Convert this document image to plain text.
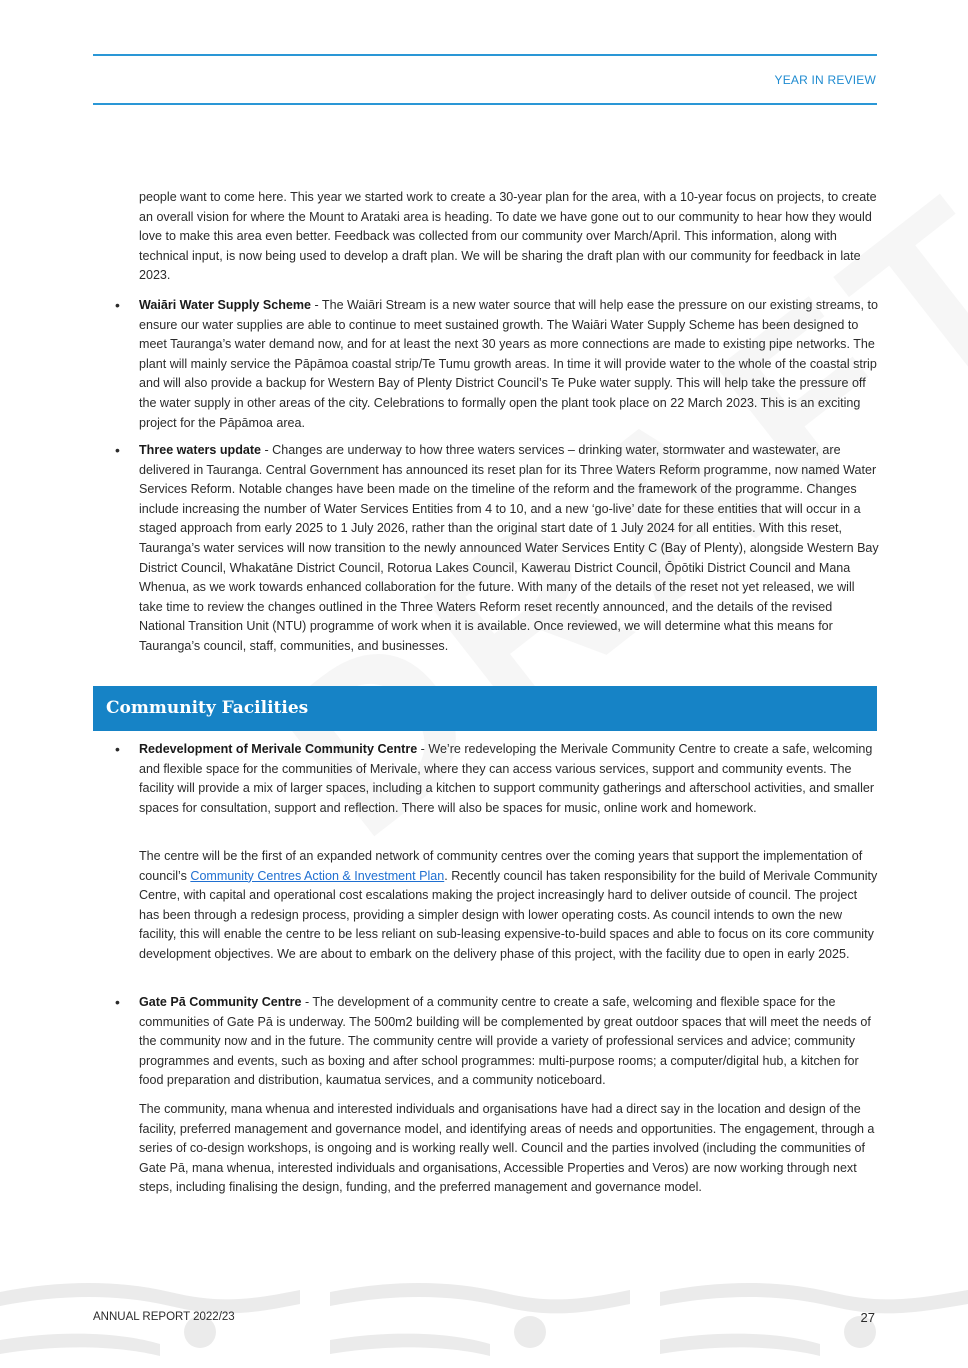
YEAR IN REVIEW

people want to come here. This year we started work to create a 30-year plan for the area, with a 10-year focus on projects, to create an overall vision for where the Mount to Arataki area is heading. To date we have gone out to our community to hear how they would love to make this area even better. Feedback was collected from our community over March/April. This information, along with technical input, is now being used to develop a draft plan. We will be sharing the draft plan with our community for feedback in late 2023.

•

Waiāri Water Supply Scheme - The Waiāri Stream is a new water source that will help ease the pressure on our existing streams, to ensure our water supplies are able to continue to meet sustained growth. The Waiāri Water Supply Scheme has been designed to meet Tauranga’s water demand now, and for at least the next 30 years as more connections are made to existing pipe networks. The plant will mainly service the Pāpāmoa coastal strip/Te Tumu growth areas. In time it will provide water to the whole of the coastal strip and will also provide a backup for Western Bay of Plenty District Council’s Te Puke water supply. This will help take the pressure off the water supply in other areas of the city. Celebrations to formally open the plant took place on 22 March 2023. This is an exciting project for the Pāpāmoa area.

•

Three waters update - Changes are underway to how three waters services – drinking water, stormwater and wastewater, are delivered in Tauranga. Central Government has announced its reset plan for its Three Waters Reform programme, now named Water Services Reform. Notable changes have been made on the timeline of the reform and the framework of the programme. Changes include increasing the number of Water Services Entities from 4 to 10, and a new ‘go-live’ date for these entities that will occur in a staged approach from early 2025 to 1 July 2026, rather than the original start date of 1 July 2024 for all entities. With this reset, Tauranga’s water services will now transition to the newly announced Water Services Entity C (Bay of Plenty), alongside Western Bay District Council, Whakatāne District Council, Rotorua Lakes Council, Kawerau District Council, Ōpōtiki District Council and Mana Whenua, as we work towards enhanced collaboration for the future. With many of the details of the reset not yet released, we will take time to review the changes outlined in the Three Waters Reform reset recently announced, and the details of the revised National Transition Unit (NTU) programme of work when it is available. Once reviewed, we will determine what this means for Tauranga’s council, staff, communities, and businesses.

Community Facilities
•

Redevelopment of Merivale Community Centre - We’re redeveloping the Merivale Community Centre to create a safe, welcoming and flexible space for the communities of Merivale, where they can access various services, support and community events. The facility will provide a mix of larger spaces, including a kitchen to support community gatherings and afterschool activities, and smaller spaces for consultation, support and reflection. There will also be spaces for music, online work and homework.

The centre will be the first of an expanded network of community centres over the coming years that support the implementation of council’s Community Centres Action & Investment Plan. Recently council has taken responsibility for the build of Merivale Community Centre, with capital and operational cost escalations making the project increasingly hard to deliver outside of council. The project has been through a redesign process, providing a simpler design with lower operating costs. As council intends to own the new facility, this will enable the centre to be less reliant on sub-leasing expensive-to-build spaces and able to focus on its core community development objectives. We are about to embark on the delivery phase of this project, with the facility due to open in early 2025.

•

Gate Pā Community Centre - The development of a community centre to create a safe, welcoming and flexible space for the communities of Gate Pā is underway. The 500m2 building will be complemented by great outdoor spaces that will meet the needs of the community now and in the future. The community centre will provide a variety of professional services and advice; community programmes and events, such as boxing and after school programmes: multi-purpose rooms; a computer/digital hub, a kitchen for food preparation and distribution, kaumatua services, and a community noticeboard.

The community, mana whenua and interested individuals and organisations have had a direct say in the location and design of the facility, preferred management and governance model, and identifying areas of needs and opportunities. The engagement, through a series of co-design workshops, is ongoing and is working really well. Council and the parties involved (including the communities of Gate Pā, mana whenua, interested individuals and organisations, Accessible Properties and Veros) are now working through next steps, including finalising the design, funding, and the preferred management and governance model.

ANNUAL REPORT 2022/23	27
